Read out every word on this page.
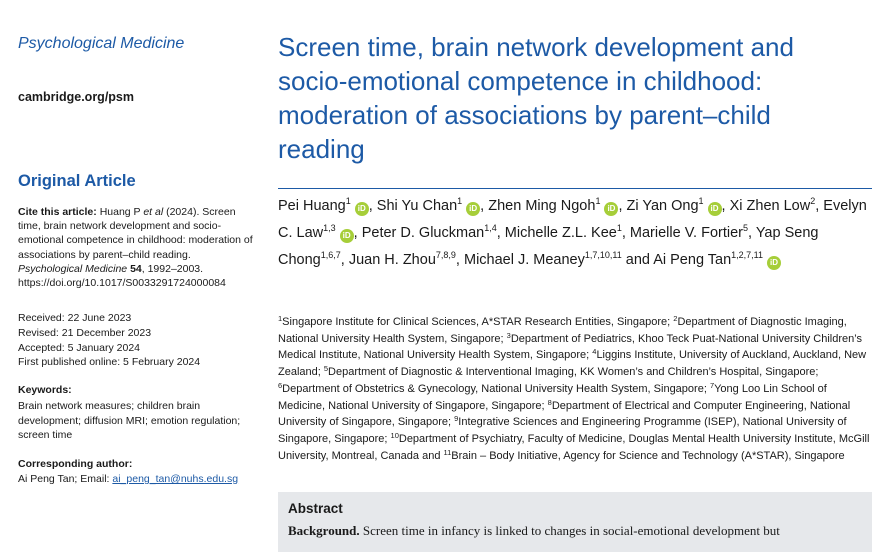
Psychological Medicine
cambridge.org/psm
Original Article
Cite this article: Huang P et al (2024). Screen time, brain network development and socio-emotional competence in childhood: moderation of associations by parent–child reading. Psychological Medicine 54, 1992–2003. https://doi.org/10.1017/S0033291724000084
Received: 22 June 2023
Revised: 21 December 2023
Accepted: 5 January 2024
First published online: 5 February 2024
Keywords:
Brain network measures; children brain development; diffusion MRI; emotion regulation; screen time
Corresponding author:
Ai Peng Tan; Email: ai_peng_tan@nuhs.edu.sg
Screen time, brain network development and socio-emotional competence in childhood: moderation of associations by parent–child reading
Pei Huang$^1$iD , Shi Yu Chan$^1$iD , Zhen Ming Ngoh$^1$iD , Zi Yan Ong$^1$iD , Xi Zhen Low$^2$, Evelyn C. Law$^{1,3}$iD , Peter D. Gluckman$^{1,4}$, Michelle Z.L. Kee$^1$, Marielle V. Fortier$^5$, Yap Seng Chong$^{1,6,7}$, Juan H. Zhou$^{7,8,9}$, Michael J. Meaney$^{1,7,10,11}$ and Ai Peng Tan$^{1,2,7,11}$iD
$^1$Singapore Institute for Clinical Sciences, A*STAR Research Entities, Singapore; $^2$Department of Diagnostic Imaging, National University Health System, Singapore; $^3$Department of Pediatrics, Khoo Teck Puat-National University Children’s Medical Institute, National University Health System, Singapore; $^4$Liggins Institute, University of Auckland, Auckland, New Zealand; $^5$Department of Diagnostic & Interventional Imaging, KK Women’s and Children’s Hospital, Singapore; $^6$Department of Obstetrics & Gynecology, National University Health System, Singapore; $^7$Yong Loo Lin School of Medicine, National University of Singapore, Singapore; $^8$Department of Electrical and Computer Engineering, National University of Singapore, Singapore; $^9$Integrative Sciences and Engineering Programme (ISEP), National University of Singapore, Singapore; $^{10}$Department of Psychiatry, Faculty of Medicine, Douglas Mental Health University Institute, McGill University, Montreal, Canada and $^{11}$Brain – Body Initiative, Agency for Science and Technology (A*STAR), Singapore
Abstract
Background. Screen time in infancy is linked to changes in social-emotional development but
